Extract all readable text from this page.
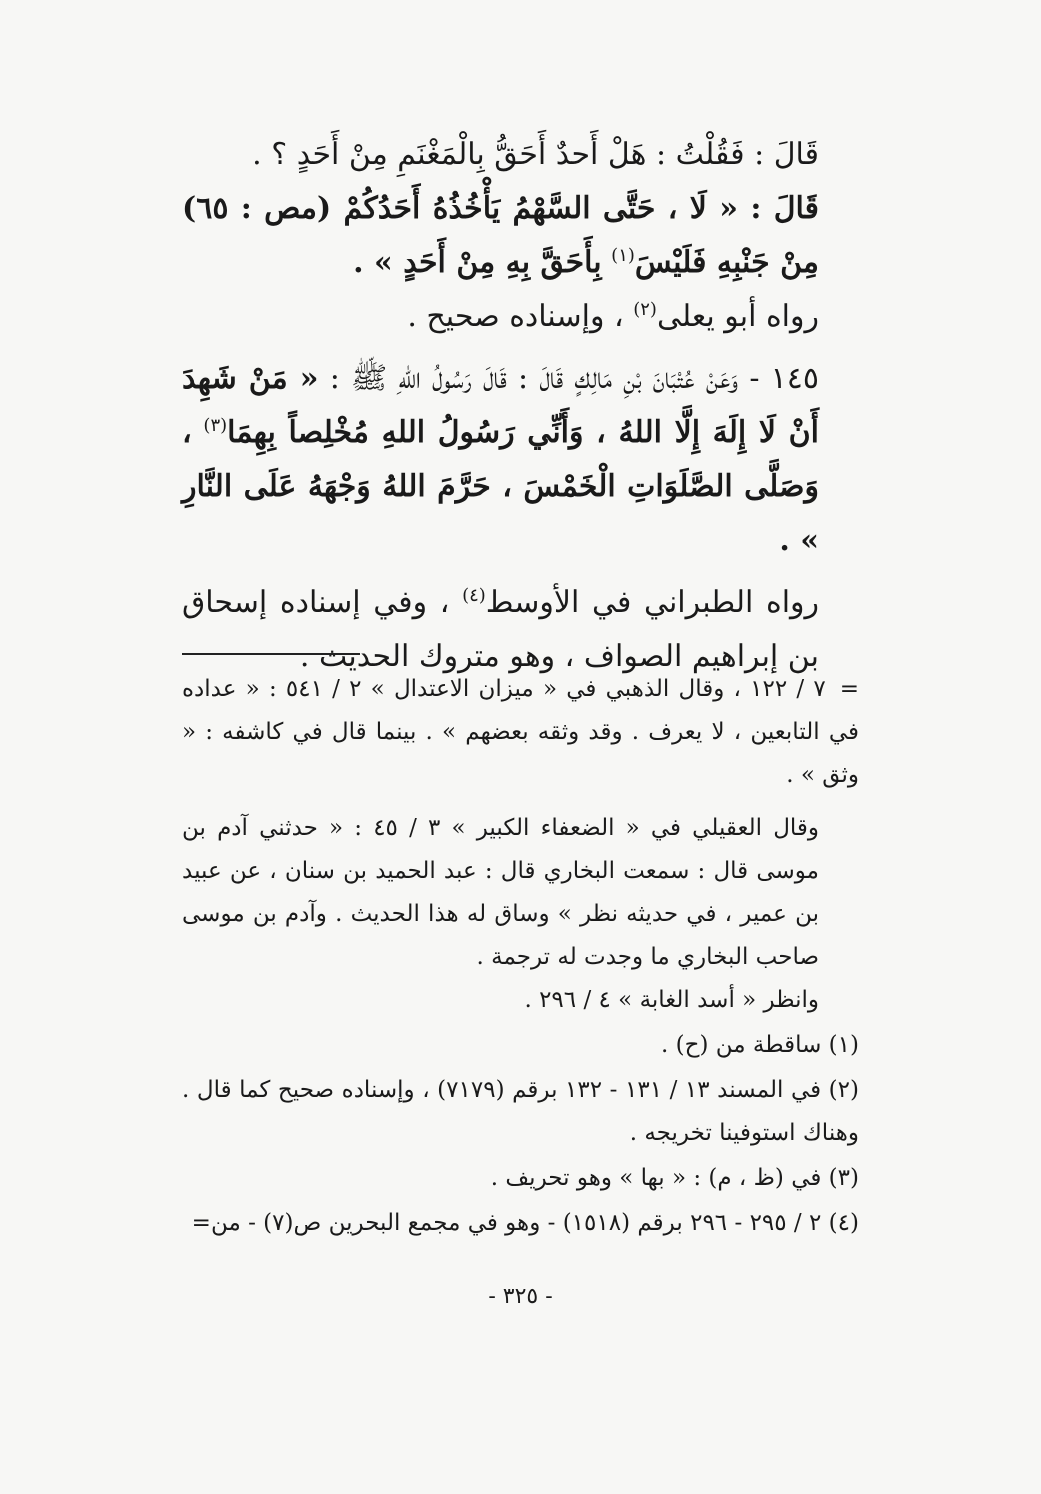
قَالَ : فَقُلْتُ : هَلْ أَحدٌ أَحَقُّ بِالْمَغْنَمِ مِنْ أَحَدٍ ؟ .

قَالَ : « لَا ، حَتَّى السَّهْمُ يَأْخُذُهُ أَحَدُكُمْ (مص : ٦٥) مِنْ جَنْبِهِ فَلَيْسَ$^{(١)}$ بِأَحَقَّ بِهِ مِنْ أَحَدٍ » .

رواه أبو يعلى$^{(٢)}$ ، وإسناده صحيح .

١٤٥ - وَعَنْ عُتْبَانَ بْنِ مَالِكٍ قَالَ : قَالَ رَسُولُ اللهِ ﷺ : « مَنْ شَهِدَ أَنْ لَا إِلَهَ إِلَّا اللهُ ، وَأَنِّي رَسُولُ اللهِ مُخْلِصاً بِهِمَا$^{(٣)}$ ، وَصَلَّى الصَّلَوَاتِ الْخَمْسَ ، حَرَّمَ اللهُ وَجْهَهُ عَلَى النَّارِ » .

رواه الطبراني في الأوسط$^{(٤)}$ ، وفي إسناده إسحاق بن إبراهيم الصواف ، وهو متروك الحديث .

=٧ / ١٢٢ ، وقال الذهبي في « ميزان الاعتدال » ٢ / ٥٤١ : « عداده في التابعين ، لا يعرف . وقد وثقه بعضهم » . بينما قال في كاشفه : « وثق » .

وقال العقيلي في « الضعفاء الكبير » ٣ / ٤٥ : « حدثني آدم بن موسى قال : سمعت البخاري قال : عبد الحميد بن سنان ، عن عبيد بن عمير ، في حديثه نظر » وساق له هذا الحديث . وآدم بن موسى صاحب البخاري ما وجدت له ترجمة .

وانظر « أسد الغابة » ٤ / ٢٩٦ .

(١) ساقطة من (ح) .

(٢) في المسند ١٣ / ١٣١ - ١٣٢ برقم (٧١٧٩) ، وإسناده صحيح كما قال . وهناك استوفينا تخريجه .

(٣) في (ظ ، م) : « بها » وهو تحريف .

(٤) ٢ / ٢٩٥ - ٢٩٦ برقم (١٥١٨) - وهو في مجمع البحرين ص(٧) - من=

- ٣٢٥ -
